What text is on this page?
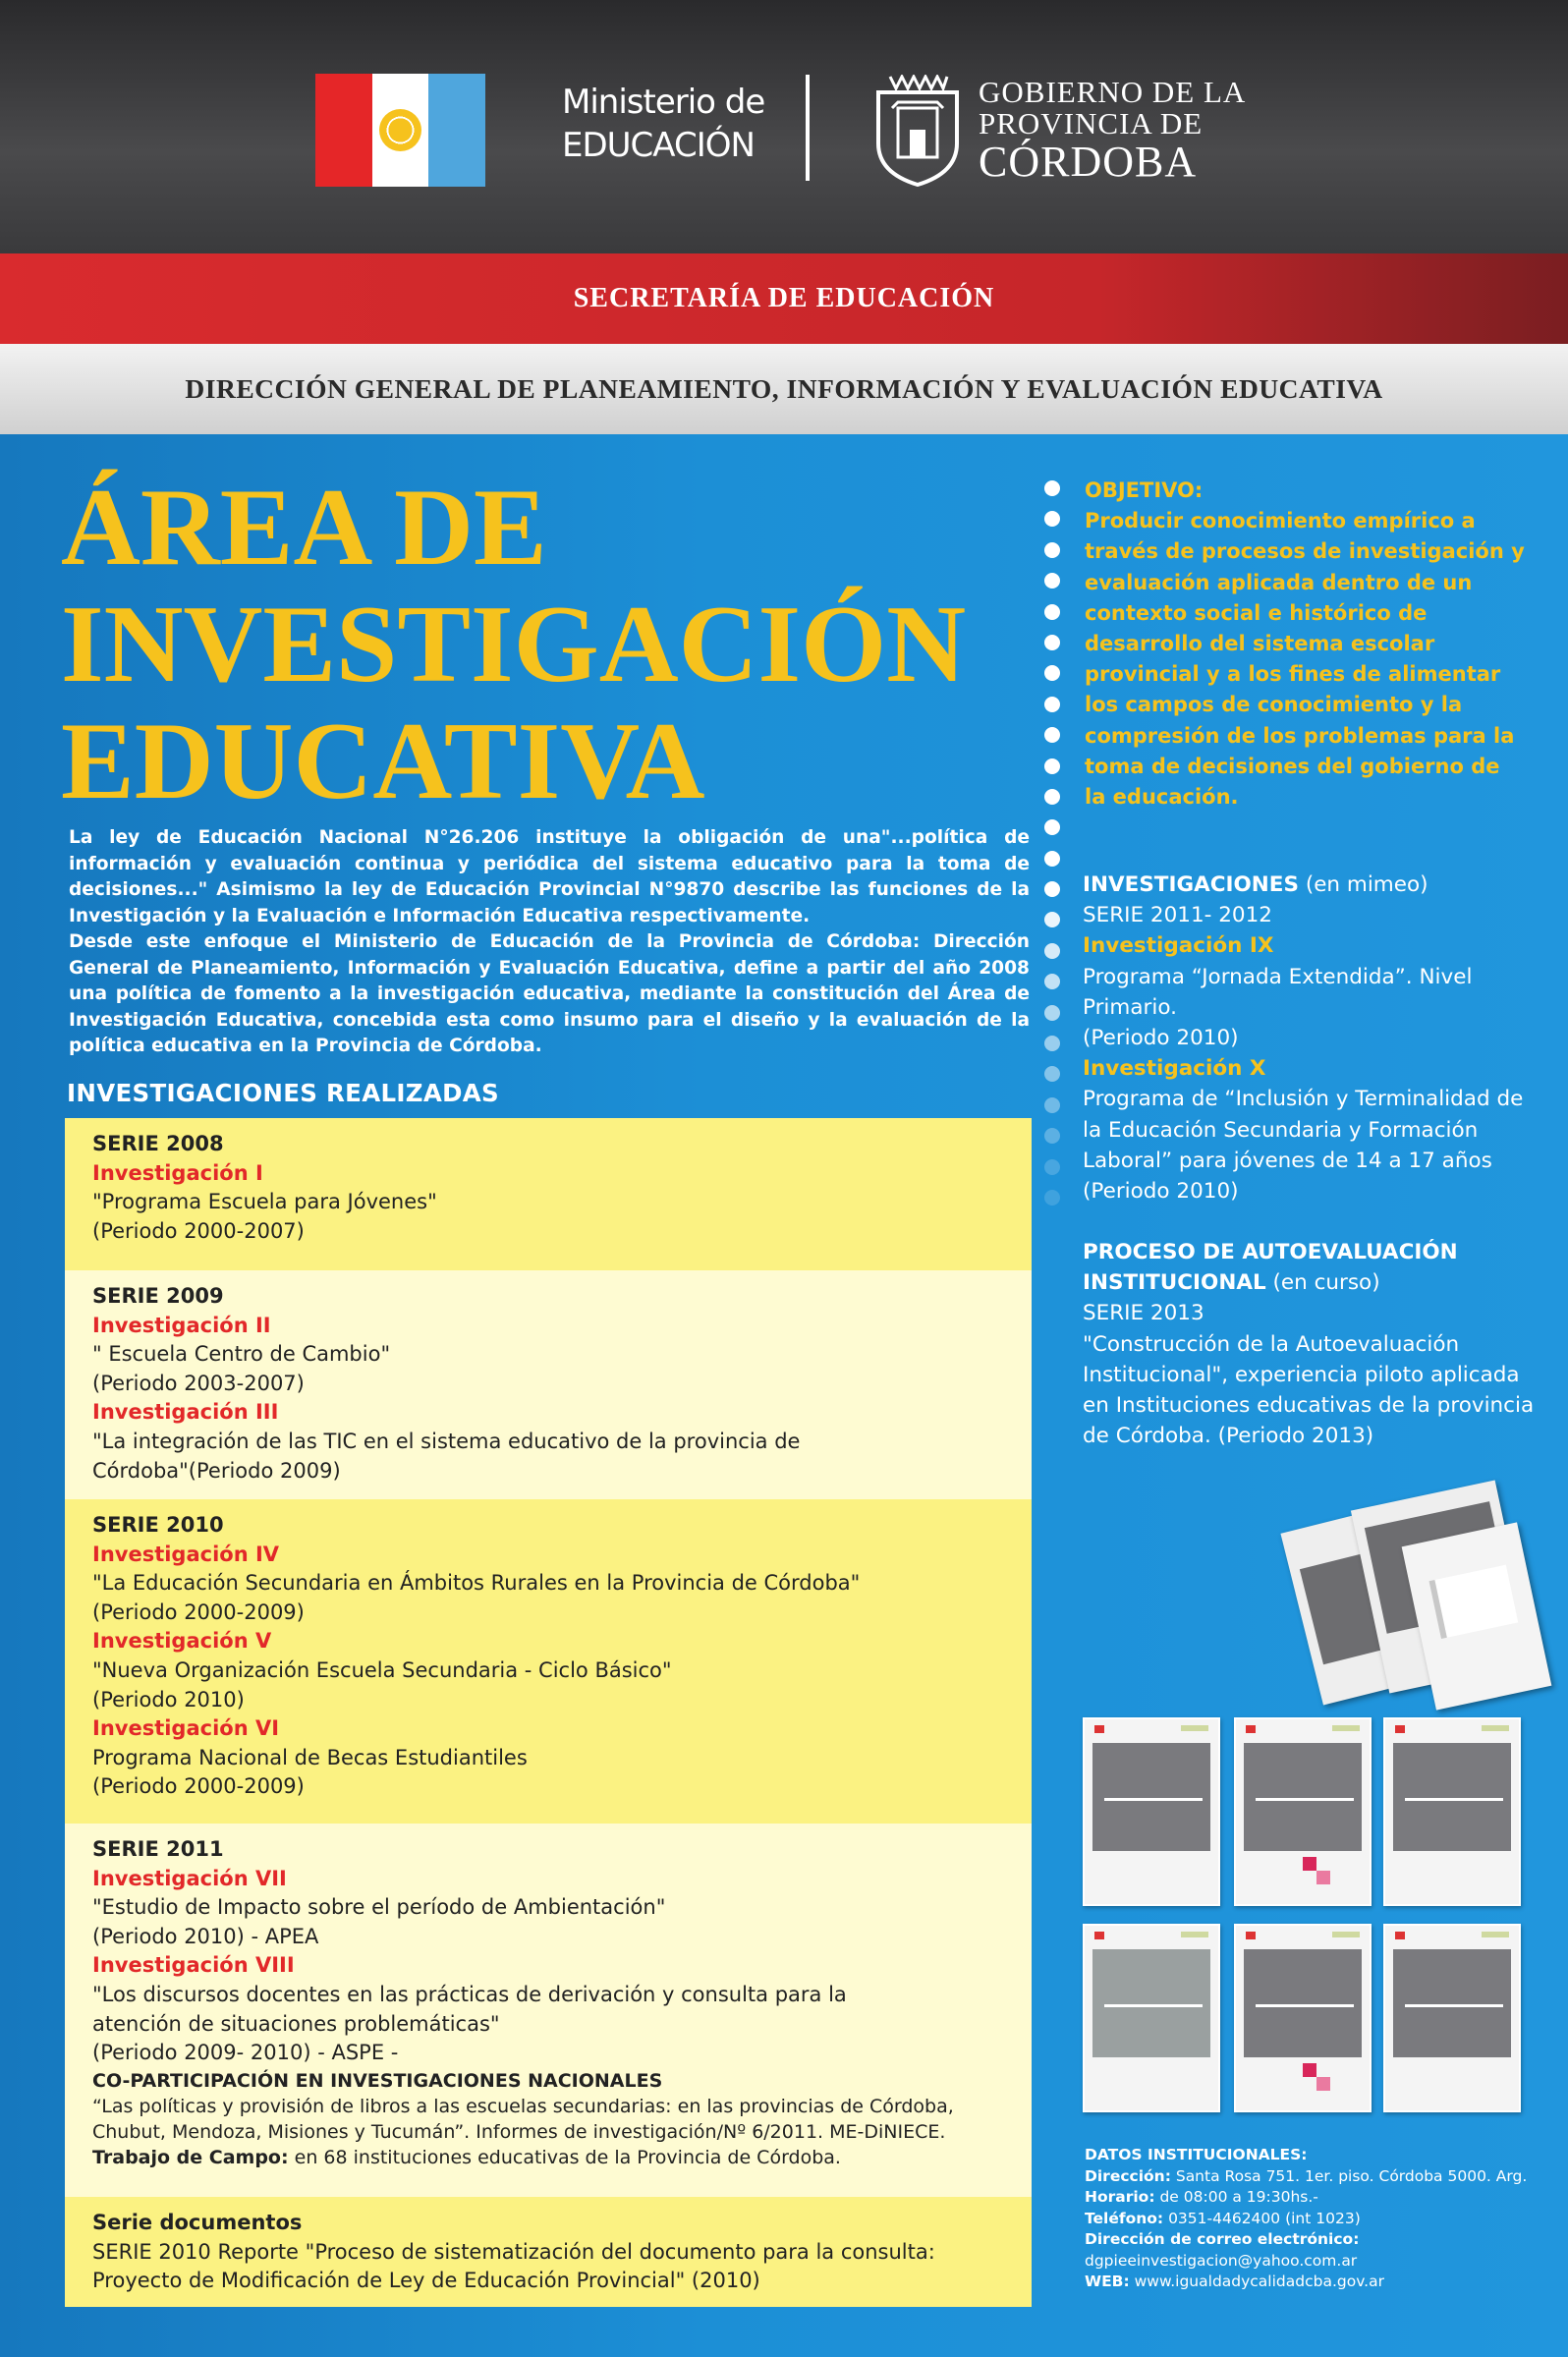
Ministerio de
EDUCACIÓN
GOBIERNO DE LA
PROVINCIA DE
CÓRDOBA
SECRETARÍA DE EDUCACIÓN
DIRECCIÓN GENERAL DE PLANEAMIENTO, INFORMACIÓN Y EVALUACIÓN EDUCATIVA
ÁREA DE
INVESTIGACIÓN
EDUCATIVA

La ley de Educación Nacional N°26.206 instituye la obligación de una"...política de información y evaluación continua y periódica del sistema educativo para la toma de decisiones..." Asimismo la ley de Educación Provincial N°9870 describe las funciones de la Investigación y la Evaluación e Información Educativa respectivamente.

Desde este enfoque el Ministerio de Educación de la Provincia de Córdoba: Dirección General de Planeamiento, Información y Evaluación Educativa, define a partir del año 2008 una política de fomento a la investigación educativa, mediante la constitución del Área de Investigación Educativa, concebida esta como insumo para el diseño y la evaluación de la política educativa en la Provincia de Córdoba.

INVESTIGACIONES REALIZADAS
SERIE 2008
Investigación I
"Programa Escuela para Jóvenes"
(Periodo 2000-2007)
SERIE 2009
Investigación II
" Escuela Centro de Cambio"
(Periodo 2003-2007)
Investigación III
"La integración de las TIC en el sistema educativo de la provincia de Córdoba"(Periodo 2009)
SERIE 2010
Investigación IV
"La Educación Secundaria en Ámbitos Rurales en la Provincia de Córdoba"
(Periodo 2000-2009)
Investigación V
"Nueva Organización Escuela Secundaria - Ciclo Básico"
(Periodo 2010)
Investigación VI
Programa Nacional de Becas Estudiantiles
(Periodo 2000-2009)
SERIE 2011
Investigación VII
"Estudio de Impacto sobre el período de Ambientación"
(Periodo 2010) - APEA
Investigación VIII
"Los discursos docentes en las prácticas de derivación y consulta para la atención de situaciones problemáticas"
(Periodo 2009- 2010) - ASPE -
CO-PARTICIPACIÓN EN INVESTIGACIONES NACIONALES
“Las políticas y provisión de libros a las escuelas secundarias: en las provincias de Córdoba, Chubut, Mendoza, Misiones y Tucumán”. Informes de investigación/Nº 6/2011. ME-DiNIECE.
Trabajo de Campo: en 68 instituciones educativas de la Provincia de Córdoba.
Serie documentos
SERIE 2010 Reporte "Proceso de sistematización del documento para la consulta: Proyecto de Modificación de Ley de Educación Provincial" (2010)
OBJETIVO:
Producir conocimiento empírico a través de procesos de investigación y evaluación aplicada dentro de un contexto social e histórico de desarrollo del sistema escolar provincial y a los fines de alimentar los campos de conocimiento y la compresión de los problemas para la toma de decisiones del gobierno de la educación.
INVESTIGACIONES (en mimeo)
SERIE 2011- 2012
Investigación IX
Programa “Jornada Extendida”. Nivel Primario.
(Periodo 2010)
Investigación X
Programa de “Inclusión y Terminalidad de la Educación Secundaria y Formación Laboral” para jóvenes de 14 a 17 años
(Periodo 2010)
PROCESO DE AUTOEVALUACIÓN INSTITUCIONAL (en curso)
SERIE 2013
"Construcción de la Autoevaluación Institucional", experiencia piloto aplicada en Instituciones educativas de la provincia de Córdoba. (Periodo 2013)
DATOS INSTITUCIONALES:
Dirección: Santa Rosa 751. 1er. piso. Córdoba 5000. Arg.
Horario: de 08:00 a 19:30hs.-
Teléfono: 0351-4462400 (int 1023)
Dirección de correo electrónico:
dgpieeinvestigacion@yahoo.com.ar
WEB: www.igualdadycalidadcba.gov.ar
